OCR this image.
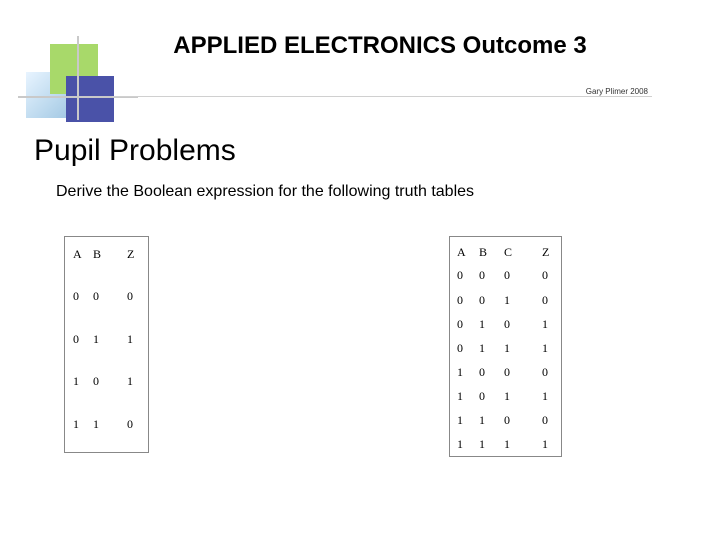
APPLIED ELECTRONICS Outcome 3
Gary Plimer 2008
Pupil Problems
Derive the Boolean expression for the following truth tables
A B Z
0 0 0
0 1 1
1 0 1
1 1 0
A B C Z
0 0 0	0
0 0 1	0
0 1 0	1
0 1 1	1
1 0 0	0
1 0 1	1
1 1 0	0
1 1 1	1
